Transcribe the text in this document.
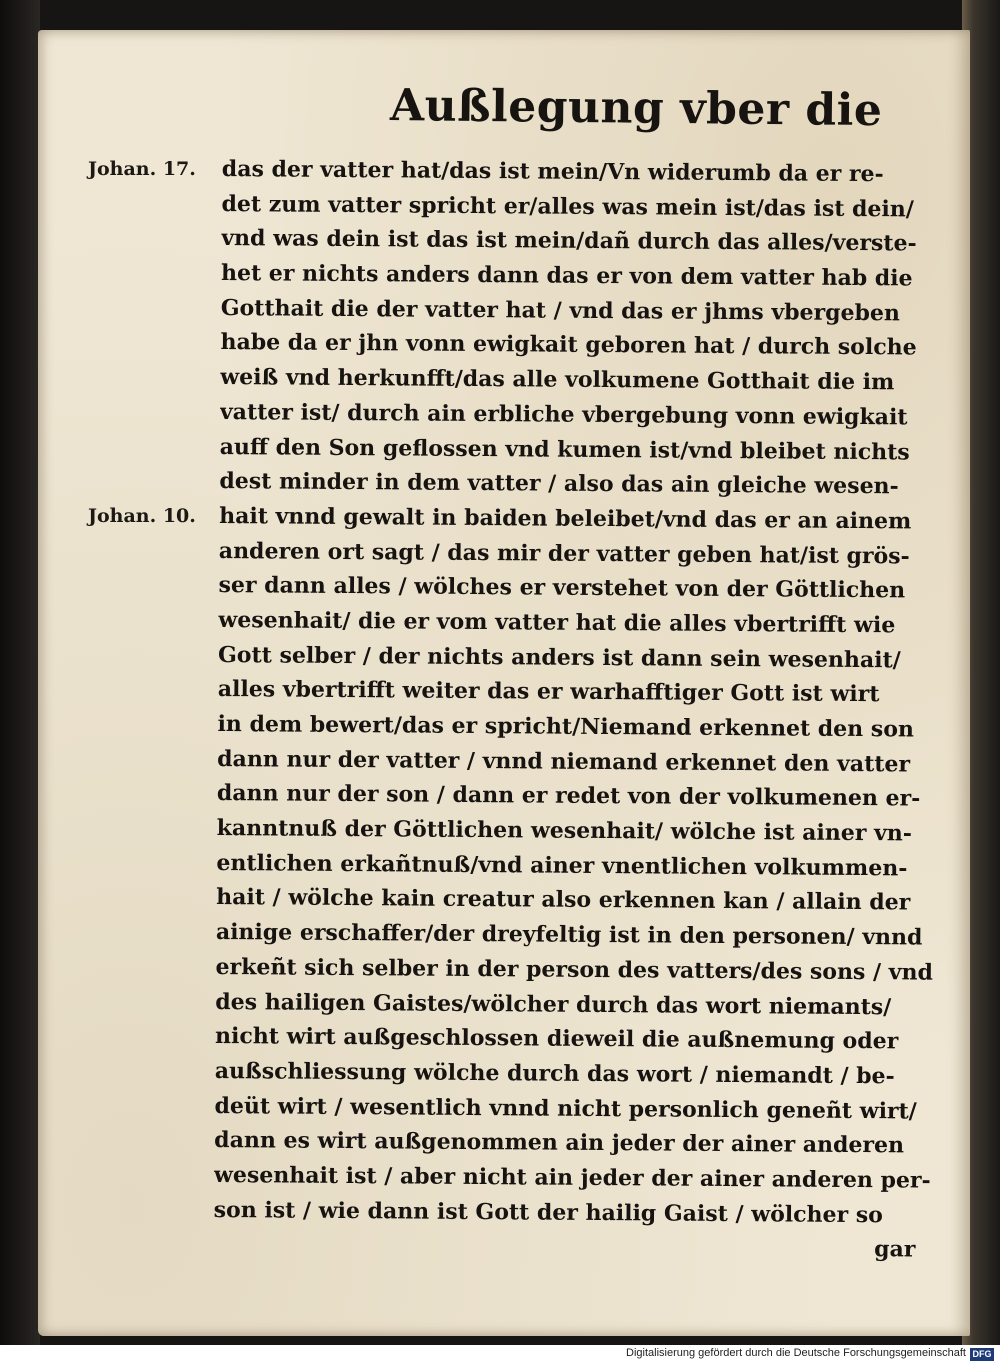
Außlegung vber die
Johan. 17.
Johan. 10.
das der vatter hat/das ist mein/Vn widerumb da er re-
det zum vatter spricht er/alles was mein ist/das ist dein/
vnd was dein ist das ist mein/dañ durch das alles/verste-
het er nichts anders dann das er von dem vatter hab die
Gotthait die der vatter hat / vnd das er jhms vbergeben
habe da er jhn vonn ewigkait geboren hat / durch solche
weiß vnd herkunfft/das alle volkumene Gotthait die im
vatter ist/ durch ain erbliche vbergebung vonn ewigkait
auff den Son geflossen vnd kumen ist/vnd bleibet nichts
dest minder in dem vatter / also das ain gleiche wesen-
hait vnnd gewalt in baiden beleibet/vnd das er an ainem
anderen ort sagt / das mir der vatter geben hat/ist grös-
ser dann alles / wölches er verstehet von der Göttlichen
wesenhait/ die er vom vatter hat die alles vbertrifft wie
Gott selber / der nichts anders ist dann sein wesenhait/
alles vbertrifft weiter das er warhafftiger Gott ist wirt
in dem bewert/das er spricht/Niemand erkennet den son
dann nur der vatter / vnnd niemand erkennet den vatter
dann nur der son / dann er redet von der volkumenen er-
kanntnuß der Göttlichen wesenhait/ wölche ist ainer vn-
entlichen erkañtnuß/vnd ainer vnentlichen volkummen-
hait / wölche kain creatur also erkennen kan / allain der
ainige erschaffer/der dreyfeltig ist in den personen/ vnnd
erkeñt sich selber in der person des vatters/des sons / vnd
des hailigen Gaistes/wölcher durch das wort niemants/
nicht wirt außgeschlossen dieweil die außnemung oder
außschliessung wölche durch das wort / niemandt / be-
deüt wirt / wesentlich vnnd nicht personlich geneñt wirt/
dann es wirt außgenommen ain jeder der ainer anderen
wesenhait ist / aber nicht ain jeder der ainer anderen per-
son ist / wie dann ist Gott der hailig Gaist / wölcher so
gar
Digitalisierung gefördert durch die Deutsche Forschungsgemeinschaft DFG
